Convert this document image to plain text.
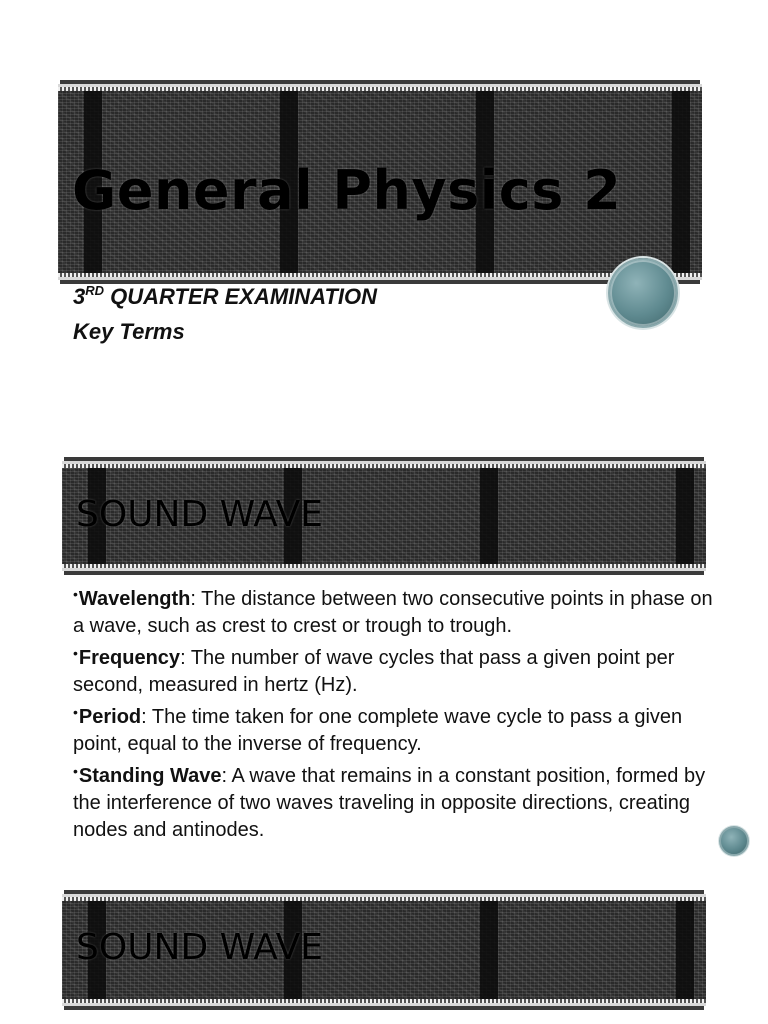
General Physics 2

3RD QUARTER EXAMINATION

Key Terms

SOUND WAVE
•Wavelength: The distance between two consecutive points in phase on a wave, such as crest to crest or trough to trough.
•Frequency: The number of wave cycles that pass a given point per second, measured in hertz (Hz).
•Period: The time taken for one complete wave cycle to pass a given point, equal to the inverse of frequency.
•Standing Wave: A wave that remains in a constant position, formed by the interference of two waves traveling in opposite directions, creating nodes and antinodes.
SOUND WAVE
